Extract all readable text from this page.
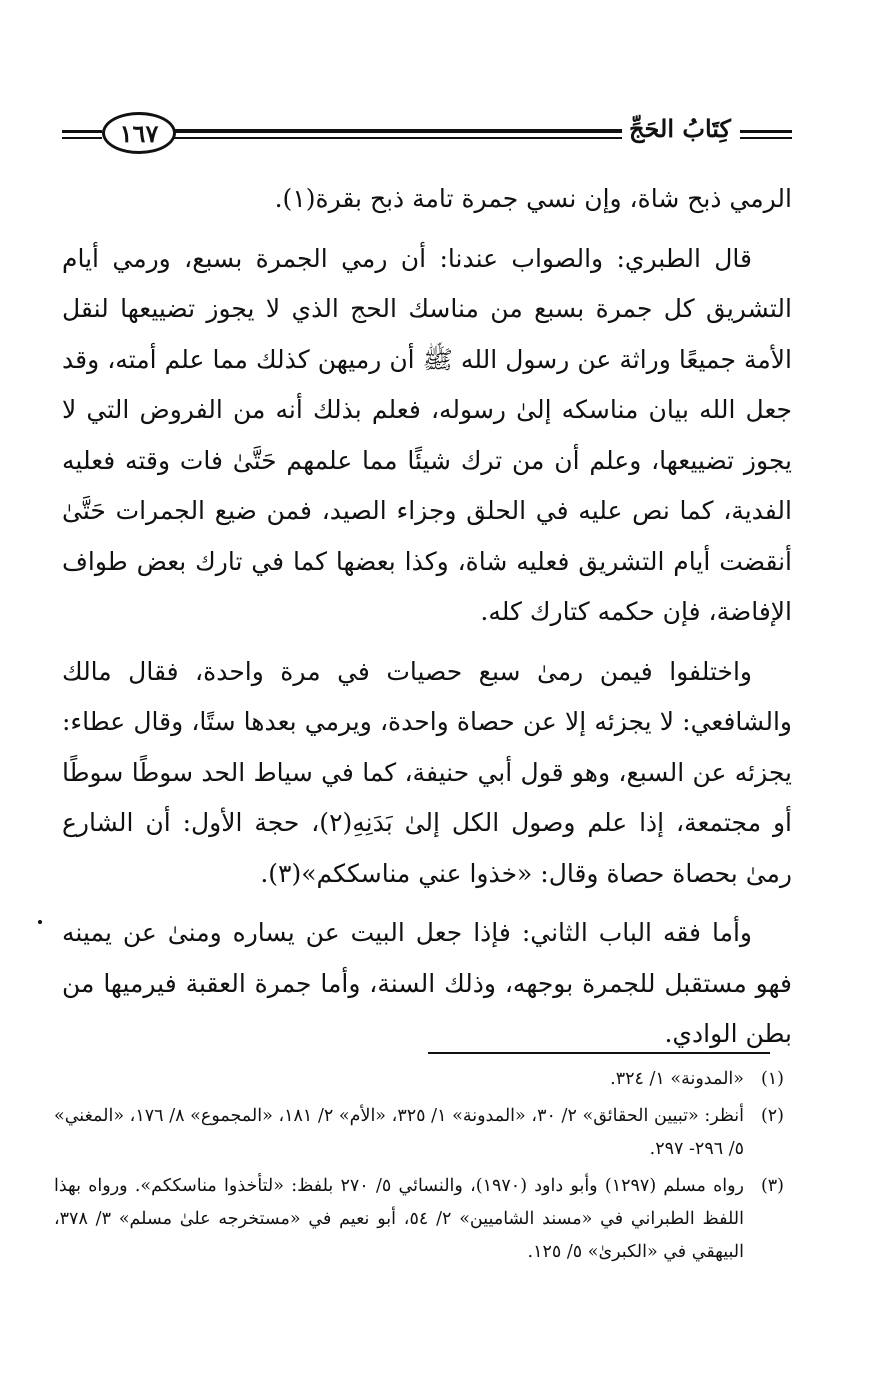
١٦٧	كِتَابُ الحَجِّ

الرمي ذبح شاة، وإن نسي جمرة تامة ذبح بقرة(١).

قال الطبري: والصواب عندنا: أن رمي الجمرة بسبع، ورمي أيام التشريق كل جمرة بسبع من مناسك الحج الذي لا يجوز تضييعها لنقل الأمة جميعًا وراثة عن رسول الله ﷺ أن رميهن كذلك مما علم أمته، وقد جعل الله بيان مناسكه إلىٰ رسوله، فعلم بذلك أنه من الفروض التي لا يجوز تضييعها، وعلم أن من ترك شيئًا مما علمهم حَتَّىٰ فات وقته فعليه الفدية، كما نص عليه في الحلق وجزاء الصيد، فمن ضيع الجمرات حَتَّىٰ أنقضت أيام التشريق فعليه شاة، وكذا بعضها كما في تارك بعض طواف الإفاضة، فإن حكمه كتارك كله.

واختلفوا فيمن رمىٰ سبع حصيات في مرة واحدة، فقال مالك والشافعي: لا يجزئه إلا عن حصاة واحدة، ويرمي بعدها ستًا، وقال عطاء: يجزئه عن السبع، وهو قول أبي حنيفة، كما في سياط الحد سوطًا سوطًا أو مجتمعة، إذا علم وصول الكل إلىٰ بَدَنِهِ(٢)، حجة الأول: أن الشارع رمىٰ بحصاة حصاة وقال: «خذوا عني مناسككم»(٣).

وأما فقه الباب الثاني: فإذا جعل البيت عن يساره ومنىٰ عن يمينه فهو مستقبل للجمرة بوجهه، وذلك السنة، وأما جمرة العقبة فيرميها من بطن الوادي.

(١)
«المدونة» ١/ ٣٢٤.
(٢)
أنظر: «تبيين الحقائق» ٢/ ٣٠، «المدونة» ١/ ٣٢٥، «الأم» ٢/ ١٨١، «المجموع» ٨/ ١٧٦، «المغني» ٥/ ٢٩٦- ٢٩٧.
(٣)
رواه مسلم (١٢٩٧) وأبو داود (١٩٧٠)، والنسائي ٥/ ٢٧٠ بلفظ: «لتأخذوا مناسككم». ورواه بهذا اللفظ الطبراني في «مسند الشاميين» ٢/ ٥٤، أبو نعيم في «مستخرجه علىٰ مسلم» ٣/ ٣٧٨، البيهقي في «الكبرىٰ» ٥/ ١٢٥.
